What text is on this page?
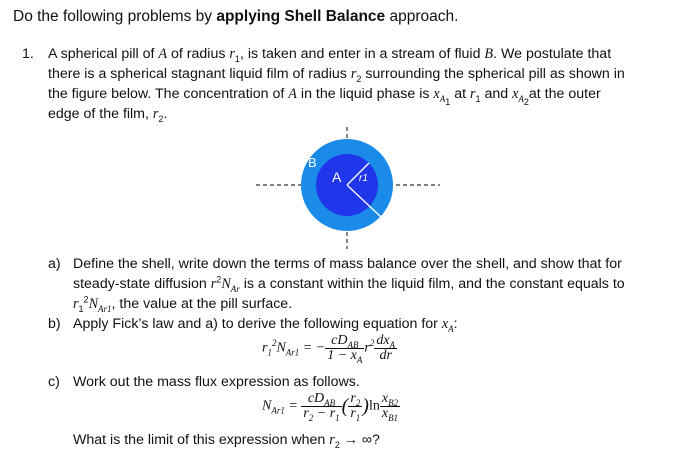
Do the following problems by applying Shell Balance approach.
1. A spherical pill of A of radius $r_1$, is taken and enter in a stream of fluid B. We postulate that
there is a spherical stagnant liquid film of radius $r_2$ surrounding the spherical pill as shown in
the figure below. The concentration of A in the liquid phase is $x_{A_1}$ at $r_1$ and $x_{A_2}at$ the outer
edge of the film, $r_2$.
B
A r1
r2
a) Define the shell, write down the terms of mass balance over the shell, and show that for
steady-state diffusion $r^2N_{Ar}$ is a constant within the liquid film, and the constant equals to
$r_1^2N_{Ar1}$, the value at the pill surface.
b) Apply Fick’s law and a) to derive the following equation for $x_A$:
$r_1^2N_{Ar1}$ = − $\frac{cD_{AB}}{1 - x_A} r^2 \frac{dx_A}{dr}$
c) Work out the mass flux expression as follows.
$N_{Ar1} = \frac{cD_{AB}}{r_2 - r_1}$ ( $\frac{r_2}{r_1} )\ln \frac{x_{B2}}{x_{B1}}$
What is the limit of this expression when $r_2$ → ∞?
